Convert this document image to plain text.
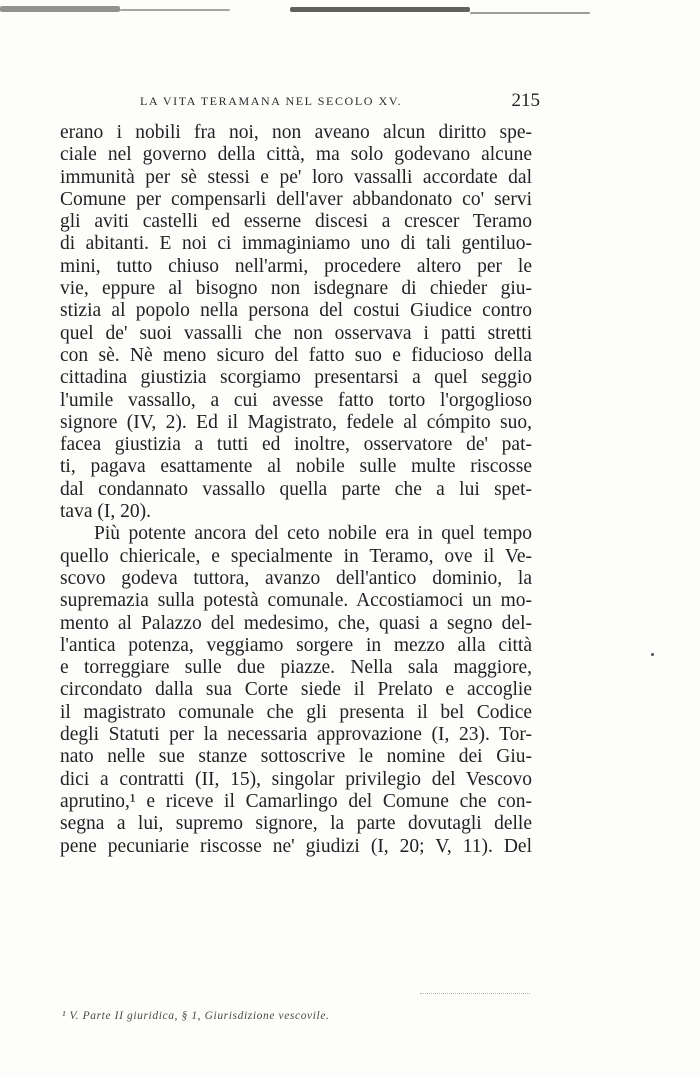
LA VITA TERAMANA NEL SECOLO XV.	215
erano i nobili fra noi, non aveano alcun diritto spe-
ciale nel governo della città, ma solo godevano alcune
immunità per sè stessi e pe' loro vassalli accordate dal
Comune per compensarli dell'aver abbandonato co' servi
gli aviti castelli ed esserne discesi a crescer Teramo
di abitanti. E noi ci immaginiamo uno di tali gentiluo-
mini, tutto chiuso nell'armi, procedere altero per le
vie, eppure al bisogno non isdegnare di chieder giu-
stizia al popolo nella persona del costui Giudice contro
quel de' suoi vassalli che non osservava i patti stretti
con sè. Nè meno sicuro del fatto suo e fiducioso della
cittadina giustizia scorgiamo presentarsi a quel seggio
l'umile vassallo, a cui avesse fatto torto l'orgoglioso
signore (IV, 2). Ed il Magistrato, fedele al cómpito suo,
facea giustizia a tutti ed inoltre, osservatore de' pat-
ti, pagava esattamente al nobile sulle multe riscosse
dal condannato vassallo quella parte che a lui spet-
tava (I, 20).
Più potente ancora del ceto nobile era in quel tempo
quello chiericale, e specialmente in Teramo, ove il Ve-
scovo godeva tuttora, avanzo dell'antico dominio, la
supremazia sulla potestà comunale. Accostiamoci un mo-
mento al Palazzo del medesimo, che, quasi a segno del-
l'antica potenza, veggiamo sorgere in mezzo alla città
e torreggiare sulle due piazze. Nella sala maggiore,
circondato dalla sua Corte siede il Prelato e accoglie
il magistrato comunale che gli presenta il bel Codice
degli Statuti per la necessaria approvazione (I, 23). Tor-
nato nelle sue stanze sottoscrive le nomine dei Giu-
dici a contratti (II, 15), singolar privilegio del Vescovo
aprutino,¹ e riceve il Camarlingo del Comune che con-
segna a lui, supremo signore, la parte dovutagli delle
pene pecuniarie riscosse ne' giudizi (I, 20; V, 11). Del
¹ V. Parte II giuridica, § 1, Giurisdizione vescovile.
